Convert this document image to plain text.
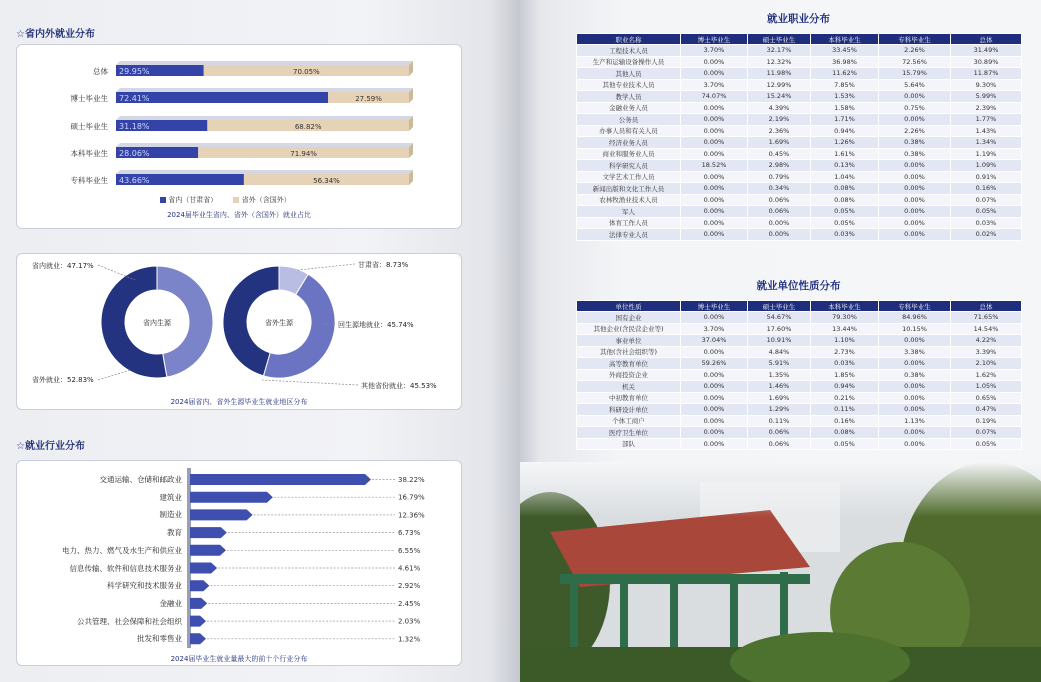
☆省内外就业分布
总体
博士毕业生
硕士毕业生
本科毕业生
专科毕业生
29.95%	70.05%
72.41%	27.59%
31.18%	68.82%
28.06%	71.94%
43.66%	56.34%
省内（甘肃省）	省外（含国外）
2024届毕业生省内、省外（含国外）就业占比
省内生源
省内就业：47.17%
省外就业：52.83%
省外生源
甘肃省：8.73%
回生源地就业：45.74%
其他省份就业：45.53%
2024届省内、省外生源毕业生就业地区分布
☆就业行业分布
交通运输、仓储和邮政业
建筑业
制造业
教育
电力、热力、燃气及水生产和供应业
信息传输、软件和信息技术服务业
科学研究和技术服务业
金融业
公共管理、社会保障和社会组织
批发和零售业
38.22%
16.79%
12.36%
6.73%
6.55%
4.61%
2.92%
2.45%
2.03%
1.32%
2024届毕业生就业量最大的前十个行业分布
就业职业分布
职业名称	博士毕业生	硕士毕业生	本科毕业生	专科毕业生	总体
工程技术人员	3.70%	32.17%	33.45%	2.26%	31.49%
生产和运输设备操作人员	0.00%	12.32%	36.98%	72.56%	30.89%
其他人员	0.00%	11.98%	11.62%	15.79%	11.87%
其他专业技术人员	3.70%	12.99%	7.85%	5.64%	9.30%
教学人员	74.07%	15.24%	1.53%	0.00%	5.99%
金融业务人员	0.00%	4.39%	1.58%	0.75%	2.39%
公务员	0.00%	2.19%	1.71%	0.00%	1.77%
办事人员和有关人员	0.00%	2.36%	0.94%	2.26%	1.43%
经济业务人员	0.00%	1.69%	1.26%	0.38%	1.34%
商业和服务业人员	0.00%	0.45%	1.61%	0.38%	1.19%
科学研究人员	18.52%	2.98%	0.13%	0.00%	1.09%
文学艺术工作人员	0.00%	0.79%	1.04%	0.00%	0.91%
新闻出版和文化工作人员	0.00%	0.34%	0.08%	0.00%	0.16%
农林牧渔业技术人员	0.00%	0.06%	0.08%	0.00%	0.07%
军人	0.00%	0.06%	0.05%	0.00%	0.05%
体育工作人员	0.00%	0.00%	0.05%	0.00%	0.03%
法律专业人员	0.00%	0.00%	0.03%	0.00%	0.02%
就业单位性质分布
单位性质	博士毕业生	硕士毕业生	本科毕业生	专科毕业生	总体
国有企业	0.00%	54.67%	79.30%	84.96%	71.65%
其他企业(含民营企业等)	3.70%	17.60%	13.44%	10.15%	14.54%
事业单位	37.04%	10.91%	1.10%	0.00%	4.22%
其他(含社会组织等)	0.00%	4.84%	2.73%	3.38%	3.39%
高等教育单位	59.26%	5.91%	0.03%	0.00%	2.10%
外商投资企业	0.00%	1.35%	1.85%	0.38%	1.62%
机关	0.00%	1.46%	0.94%	0.00%	1.05%
中初教育单位	0.00%	1.69%	0.21%	0.00%	0.65%
科研设计单位	0.00%	1.29%	0.11%	0.00%	0.47%
个体工商户	0.00%	0.11%	0.16%	1.13%	0.19%
医疗卫生单位	0.00%	0.06%	0.08%	0.00%	0.07%
部队	0.00%	0.06%	0.05%	0.00%	0.05%
